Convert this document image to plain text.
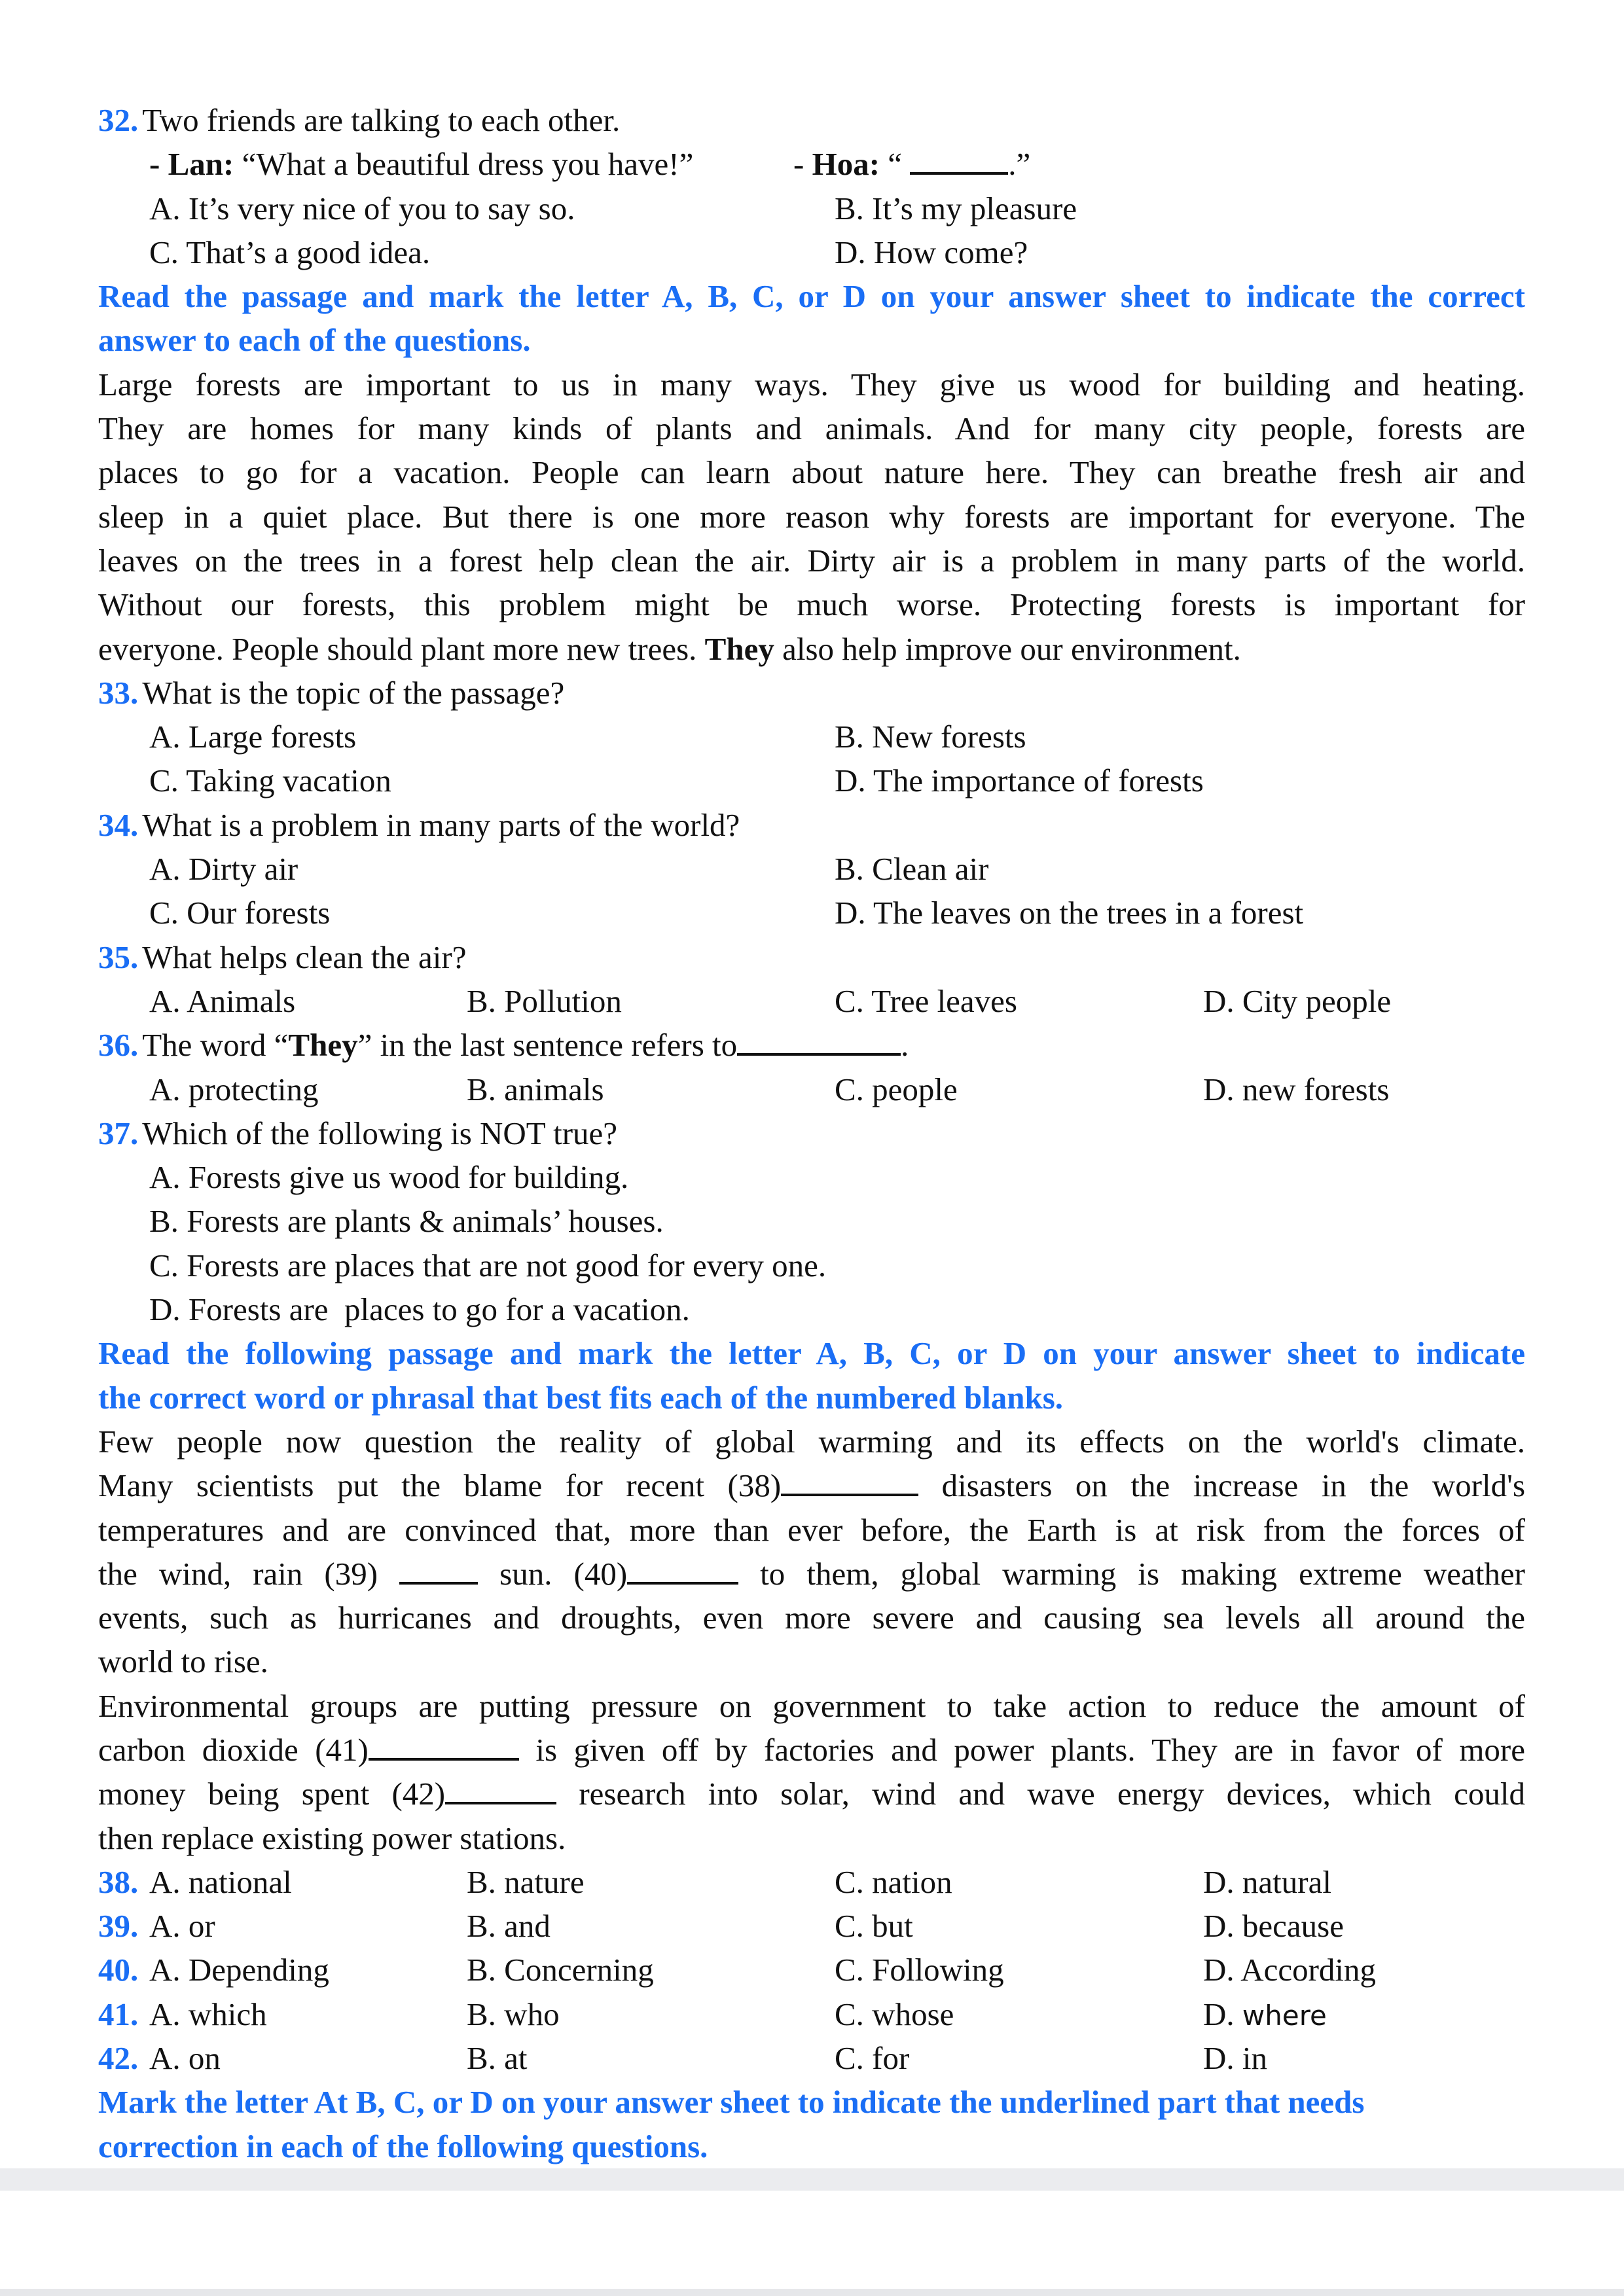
32. Two friends are talking to each other.
- Lan: “What a beautiful dress you have!”	- Hoa: “	.”
A. It’s very nice of you to say so.	B. It’s my pleasure
C. That’s a good idea.	D. How come?
Read the passage and mark the letter A, B, C, or D on your answer sheet to indicate the correct
answer to each of the questions.
Large forests are important to us in many ways. They give us wood for building and heating.
They are homes for many kinds of plants and animals. And for many city people, forests are
places to go for a vacation. People can learn about nature here. They can breathe fresh air and
sleep in a quiet place. But there is one more reason why forests are important for everyone. The
leaves on the trees in a forest help clean the air. Dirty air is a problem in many parts of the world.
Without our forests, this problem might be much worse. Protecting forests is important for
everyone. People should plant more new trees. They also help improve our environment.
33. What is the topic of the passage?
A. Large forests	B. New forests
C. Taking vacation	D. The importance of forests
34. What is a problem in many parts of the world?
A. Dirty air	B. Clean air
C. Our forests	D. The leaves on the trees in a forest
35. What helps clean the air?
A. Animals	B. Pollution	C. Tree leaves	D. City people
36. The word “They” in the last sentence refers to	.
A. protecting	B. animals	C. people	D. new forests
37. Which of the following is NOT true?
A. Forests give us wood for building.
B. Forests are plants & animals’ houses.
C. Forests are places that are not good for every one.
D. Forests are  places to go for a vacation.
Read the following passage and mark the letter A, B, C, or D on your answer sheet to indicate
the correct word or phrasal that best fits each of the numbered blanks.
Few people now question the reality of global warming and its effects on the world's climate.
Many scientists put the blame for recent (38)	disasters on the increase in the world's
temperatures and are convinced that, more than ever before, the Earth is at risk from the forces of
the wind, rain (39)  sun. (40)	to them, global warming is making extreme weather
events, such as hurricanes and droughts, even more severe and causing sea levels all around the
world to rise.
Environmental groups are putting pressure on government to take action to reduce the amount of
carbon dioxide (41)	is given off by factories and power plants. They are in favor of more
money being spent (42)	research into solar, wind and wave energy devices, which could
then replace existing power stations.
38. A. national	B. nature	C. nation	D. natural
39. A. or	B. and	C. but	D. because
40. A. Depending	B. Concerning	C. Following	D. According
41. A. which	B. who	C. whose	D. where
42. A. on	B. at	C. for	D. in
Mark the letter At B, C, or D on your answer sheet to indicate the underlined part that needs
correction in each of the following questions.
